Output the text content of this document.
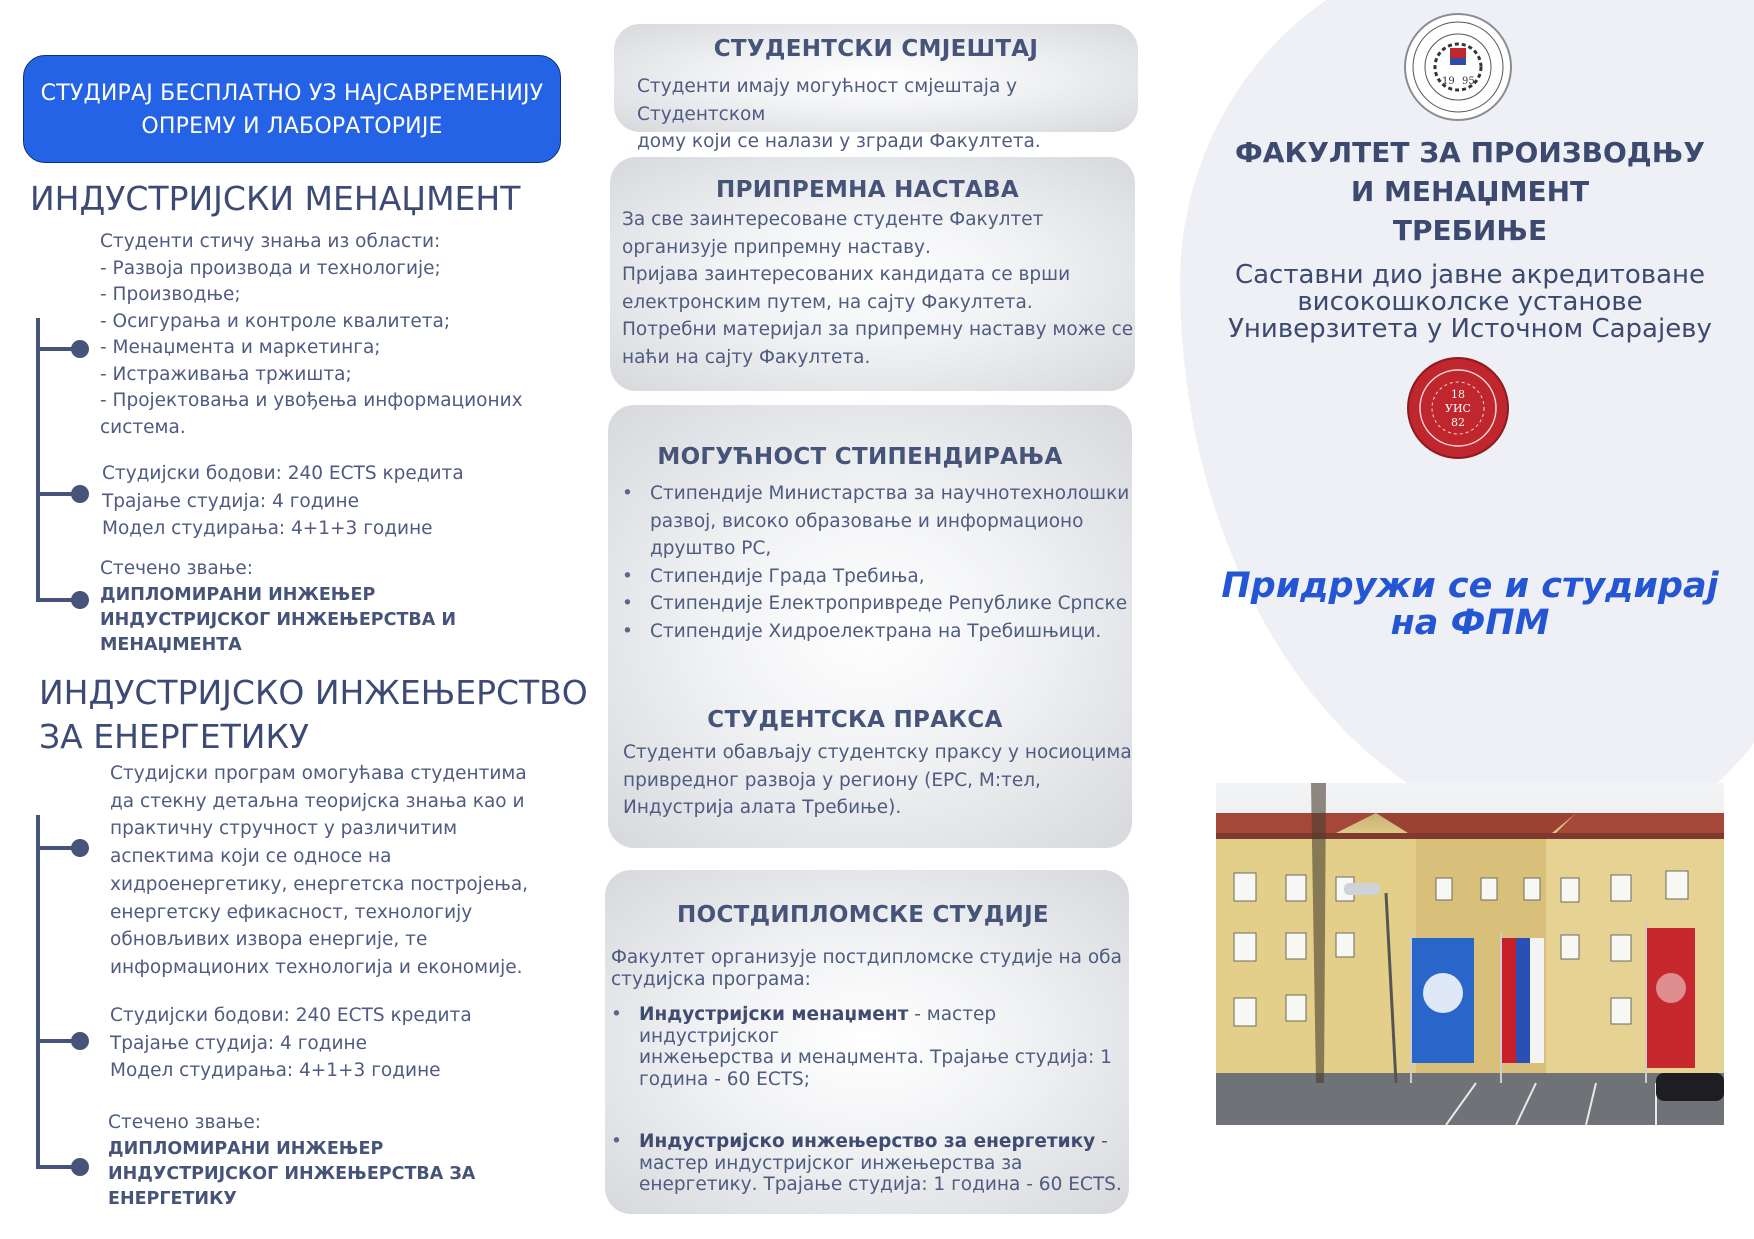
СТУДИРАЈ БЕСПЛАТНО УЗ НАЈСАВРЕМЕНИЈУ
ОПРЕМУ И ЛАБОРАТОРИЈЕ
ИНДУСТРИЈСКИ МЕНАЏМЕНТ
Студенти стичу знања из области:
- Развоја производа и технологије;
- Производње;
- Осигурања и контроле квалитета;
- Менаџмента и маркетинга;
- Истраживања тржишта;
- Пројектовања и увођења информационих
система.
Студијски бодови: 240 ECTS кредита
Трајање студија: 4 године
Модел студирања: 4+1+3 године
Стечено звање:
ДИПЛОМИРАНИ ИНЖЕЊЕР
ИНДУСТРИЈСКОГ ИНЖЕЊЕРСТВА И
МЕНАЏМЕНТА
ИНДУСТРИЈСКО ИНЖЕЊЕРСТВО
ЗА ЕНЕРГЕТИКУ
Студијски програм омогућава студентима
да стекну детаљна теоријска знања као и
практичну стручност у различитим
аспектима који се односе на
хидроенергетику, енергетска постројења,
енергетску ефикасност, технологију
обновљивих извора енергије, те
информационих технологија и економије.
Студијски бодови: 240 ECTS кредита
Трајање студија: 4 године
Модел студирања: 4+1+3 године
Стечено звање:
ДИПЛОМИРАНИ ИНЖЕЊЕР
ИНДУСТРИЈСКОГ ИНЖЕЊЕРСТВА ЗА
ЕНЕРГЕТИКУ
СТУДЕНТСКИ СМЈЕШТАЈ
Студенти имају могућност смјештаја у Студентском
дому који се налази у згради Факултета.
ПРИПРЕМНА НАСТАВА
За све заинтересоване студенте Факултет
организује припремну наставу.
Пријава заинтересованих кандидата се врши
електронским путем, на сајту Факултета.
Потребни материјал за припремну наставу може се
наћи на сајту Факултета.
МОГУЋНОСТ СТИПЕНДИРАЊА
• Стипендије Министарства за научнотехнолошки
развој, високо образовање и информационо
друштво РС,
• Стипендије Града Требиња,
• Стипендије Електропривреде Републике Српске
• Стипендије Хидроелектрана на Требишњици.
СТУДЕНТСКА ПРАКСА
Студенти обављају студентску праксу у носиоцима
привредног развоја у региону (ЕРС, М:тел,
Индустрија алата Требиње).
ПОСТДИПЛОМСКЕ СТУДИЈЕ
Факултет организује постдипломске студије на оба
студијска програма:
• Индустријски менаџмент - мастер индустријског
инжењерства и менаџмента. Трајање студија: 1
година - 60 ECTS;
• Индустријско инжењерство за енергетику -
мастер индустријског инжењерства за
енергетику. Трајање студија: 1 година - 60 ECTS.
19 95
ФАКУЛТЕТ ЗА ПРОИЗВОДЊУ
И МЕНАЏМЕНТ
ТРЕБИЊЕ
Саставни дио јавне акредитоване
високошколске установе
Универзитета у Источном Сарајеву
18
УИС
82
Придружи се и студирај
на ФПМ
